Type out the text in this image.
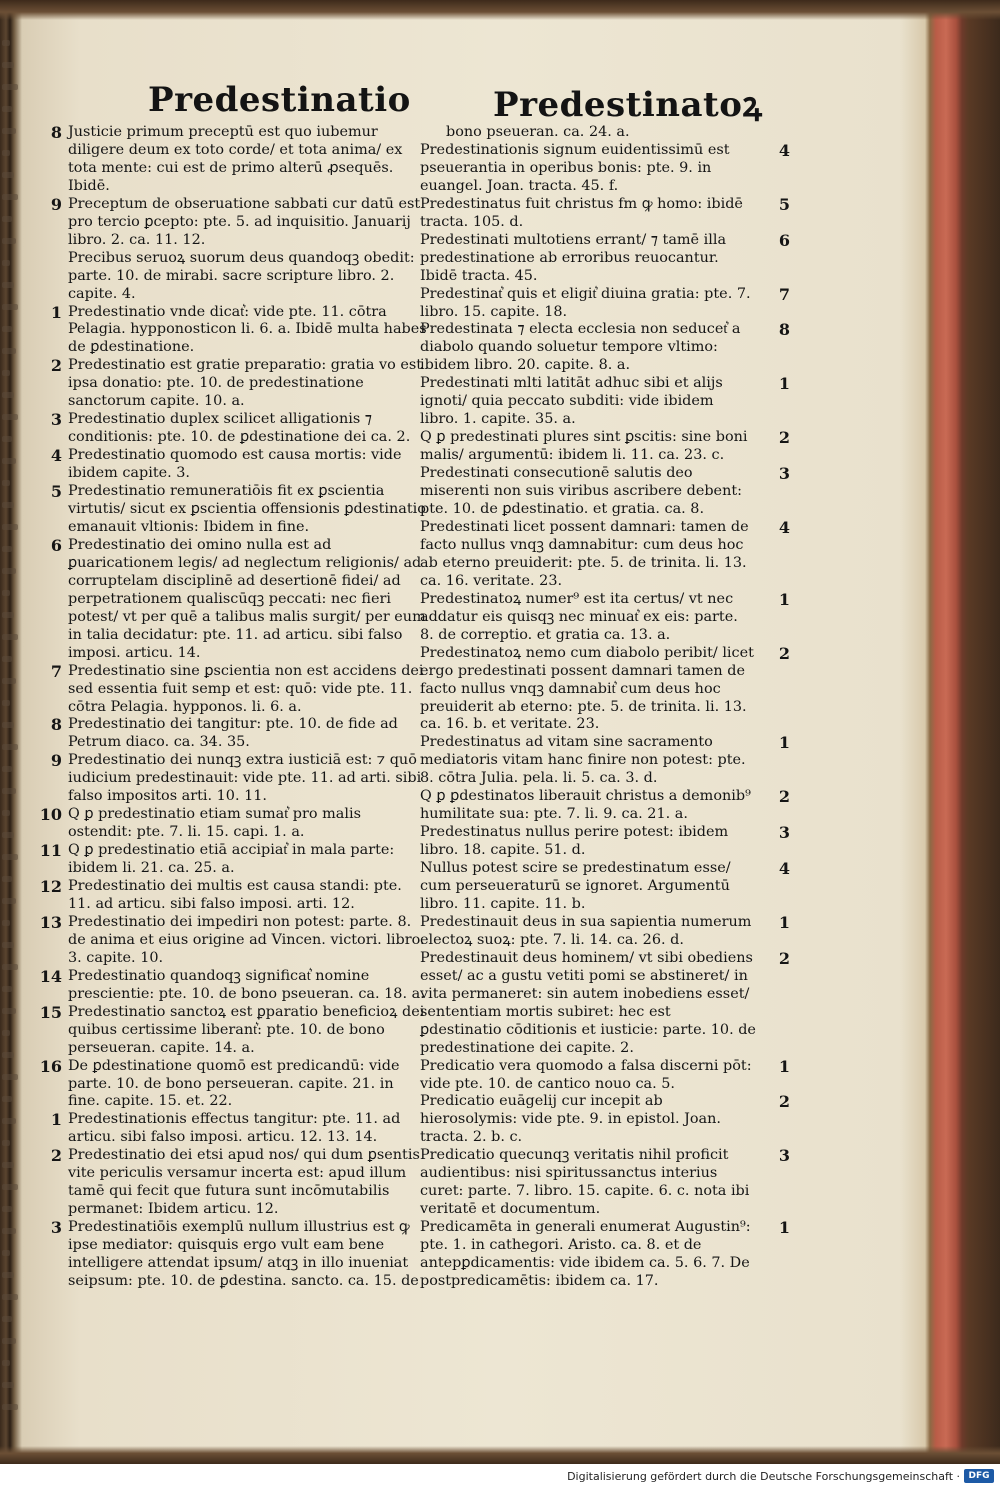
Predestinatio Predestinatoꝝ
8 Justicie primum preceptū est quo iubemur diligere deum ex toto corde/ et tota anima/ ex tota mente: cui est de primo alterū ꝓsequēs. Ibidē.
9 Preceptum de obseruatione sabbati cur datū est pro tercio ꝑcepto: pte. 5. ad inquisitio. Januarij libro. 2. ca. 11. 12.
Precibus seruoꝝ suorum deus quandoqꝫ obedit: parte. 10. de mirabi. sacre scripture libro. 2. capite. 4.
1 Predestinatio vnde dicat͛: vide pte. 11. cōtra Pelagia. hypponosticon li. 6. a. Ibidē multa habes de ꝑdestinatione.
2 Predestinatio est gratie preparatio: gratia vo est ipsa donatio: pte. 10. de predestinatione sanctorum capite. 10. a.
3 Predestinatio duplex scilicet alligationis ⁊ conditionis: pte. 10. de ꝑdestinatione dei ca. 2.
4 Predestinatio quomodo est causa mortis: vide ibidem capite. 3.
5 Predestinatio remuneratiōis fit ex ꝑscientia virtutis/ sicut ex ꝑscientia offensionis ꝑdestinatio emanauit vltionis: Ibidem in fine.
6 Predestinatio dei omino nulla est ad ꝑuaricationem legis/ ad neglectum religionis/ ad corruptelam disciplinē ad desertionē fidei/ ad perpetrationem qualiscūqꝫ peccati: nec fieri potest/ vt per quē a talibus malis surgit/ per eum in talia decidatur: pte. 11. ad articu. sibi falso imposi. articu. 14.
7 Predestinatio sine ꝑscientia non est accidens dei sed essentia fuit semp et est: quō: vide pte. 11. cōtra Pelagia. hypponos. li. 6. a.
8 Predestinatio dei tangitur: pte. 10. de fide ad Petrum diaco. ca. 34. 35.
9 Predestinatio dei nunqꝫ extra iusticiā est: ⁊ quō iudicium predestinauit: vide pte. 11. ad arti. sibi falso impositos arti. 10. 11.
10 Q ꝑ predestinatio etiam sumat͛ pro malis ostendit: pte. 7. li. 15. capi. 1. a.
11 Q ꝑ predestinatio etiā accipiat͛ in mala parte: ibidem li. 21. ca. 25. a.
12 Predestinatio dei multis est causa standi: pte. 11. ad articu. sibi falso imposi. arti. 12.
13 Predestinatio dei impediri non potest: parte. 8. de anima et eius origine ad Vincen. victori. libro. 3. capite. 10.
14 Predestinatio quandoqꝫ significat͛ nomine prescientie: pte. 10. de bono pseueran. ca. 18. a.
15 Predestinatio sanctoꝝ est ꝑparatio beneficioꝝ dei quibus certissime liberant͛: pte. 10. de bono perseueran. capite. 14. a.
16 De ꝑdestinatione quomō est predicandū: vide parte. 10. de bono perseueran. capite. 21. in fine. capite. 15. et. 22.
1 Predestinationis effectus tangitur: pte. 11. ad articu. sibi falso imposi. articu. 12. 13. 14.
2 Predestinatio dei etsi apud nos/ qui dum ꝑsentis vite periculis versamur incerta est: apud illum tamē qui fecit que futura sunt incōmutabilis permanet: Ibidem articu. 12.
3 Predestinatiōis exemplū nullum illustrius est ꝙ ipse mediator: quisquis ergo vult eam bene intelligere attendat ipsum/ atqꝫ in illo inueniat seipsum: pte. 10. de ꝑdestina. sancto. ca. 15. de
bono pseueran. ca. 24. a.
4
Predestinationis signum euidentissimū est pseuerantia in operibus bonis: pte. 9. in euangel. Joan. tracta. 45. f.
5
Predestinatus fuit christus fm ꝙ homo: ibidē tracta. 105. d.
6
Predestinati multotiens errant/ ⁊ tamē illa predestinatione ab erroribus reuocantur. Ibidē tracta. 45.
7
Predestinat͛ quis et eligit͛ diuina gratia: pte. 7. libro. 15. capite. 18.
8
Predestinata ⁊ electa ecclesia non seducet͛ a diabolo quando soluetur tempore vltimo: ibidem libro. 20. capite. 8. a.
1
Predestinati mlti latitāt adhuc sibi et alijs ignoti/ quia peccato subditi: vide ibidem libro. 1. capite. 35. a.
2
Q ꝑ predestinati plures sint ꝑscitis: sine boni malis/ argumentū: ibidem li. 11. ca. 23. c.
3
Predestinati consecutionē salutis deo miserenti non suis viribus ascribere debent: pte. 10. de ꝑdestinatio. et gratia. ca. 8.
4
Predestinati licet possent damnari: tamen de facto nullus vnqꝫ damnabitur: cum deus hoc ab eterno preuiderit: pte. 5. de trinita. li. 13. ca. 16. veritate. 23.
1
Predestinatoꝝ numer⁹ est ita certus/ vt nec addatur eis quisqꝫ nec minuat͛ ex eis: parte. 8. de correptio. et gratia ca. 13. a.
2
Predestinatoꝝ nemo cum diabolo peribit/ licet ergo predestinati possent damnari tamen de facto nullus vnqꝫ damnabit͛ cum deus hoc preuiderit ab eterno: pte. 5. de trinita. li. 13. ca. 16. b. et veritate. 23.
1
Predestinatus ad vitam sine sacramento mediatoris vitam hanc finire non potest: pte. 8. cōtra Julia. pela. li. 5. ca. 3. d.
2
Q ꝑ ꝑdestinatos liberauit christus a demonib⁹ humilitate sua: pte. 7. li. 9. ca. 21. a.
3
Predestinatus nullus perire potest: ibidem libro. 18. capite. 51. d.
4
Nullus potest scire se predestinatum esse/ cum perseueraturū se ignoret. Argumentū libro. 11. capite. 11. b.
1
Predestinauit deus in sua sapientia numerum electoꝝ suoꝝ: pte. 7. li. 14. ca. 26. d.
2
Predestinauit deus hominem/ vt sibi obediens esset/ ac a gustu vetiti pomi se abstineret/ in vita permaneret: sin autem inobediens esset/ sententiam mortis subiret: hec est ꝑdestinatio cōditionis et iusticie: parte. 10. de predestinatione dei capite. 2.
1
Predicatio vera quomodo a falsa discerni pōt: vide pte. 10. de cantico nouo ca. 5.
2
Predicatio euāgelij cur incepit ab hierosolymis: vide pte. 9. in epistol. Joan. tracta. 2. b. c.
3
Predicatio quecunqꝫ veritatis nihil proficit audientibus: nisi spiritussanctus interius curet: parte. 7. libro. 15. capite. 6. c. nota ibi veritatē et documentum.
1
Predicamēta in generali enumerat Augustin⁹: pte. 1. in cathegori. Aristo. ca. 8. et de antepꝑdicamentis: vide ibidem ca. 5. 6. 7. De postpredicamētis: ibidem ca. 17.
Digitalisierung gefördert durch die Deutsche Forschungsgemeinschaft · DFG
